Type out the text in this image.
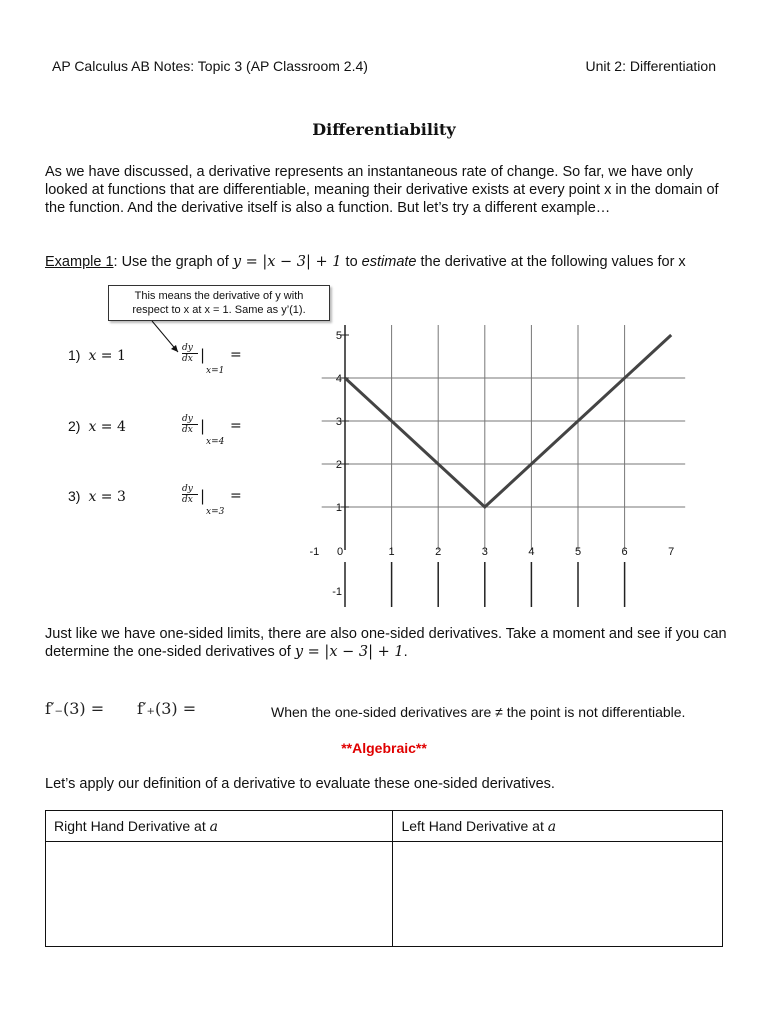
AP Calculus AB Notes: Topic 3 (AP Classroom 2.4)	Unit 2: Differentiation
Differentiability
As we have discussed, a derivative represents an instantaneous rate of change. So far, we have only looked at functions that are differentiable, meaning their derivative exists at every point x in the domain of the function. And the derivative itself is also a function. But let’s try a different example…
Example 1: Use the graph of y = |x − 3| + 1 to estimate the derivative at the following values for x
This means the derivative of y with
respect to x at x = 1. Same as y’(1).
1) x = 1	dy
dx |
x=1
=
2) x = 4	dy
dx |
x=4
=
3) x = 3	dy
dx |
x=3
=
5
4
3
2
1
-1
-1 0	1	2	3	4	5	6	7
Just like we have one-sided limits, there are also one-sided derivatives. Take a moment and see if you can determine the one-sided derivatives of y = |x − 3| + 1.
f′₋(3) = f′₊(3) =	When the one-sided derivatives are ≠ the point is not differentiable.
**Algebraic**
Let’s apply our definition of a derivative to evaluate these one-sided derivatives.
Right Hand Derivative at a	Left Hand Derivative at a
